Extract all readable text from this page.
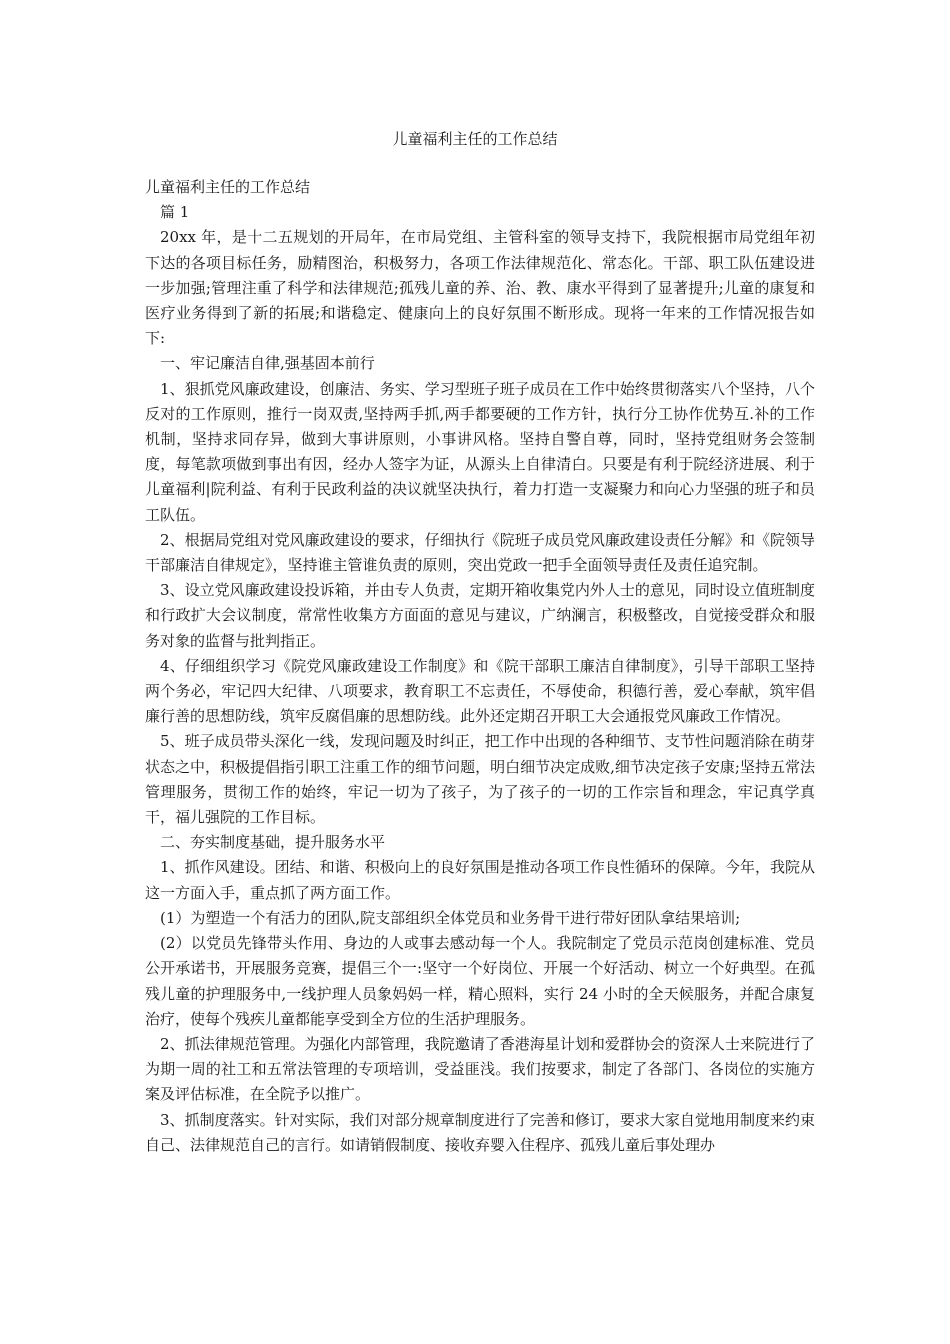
儿童福利主任的工作总结

儿童福利主任的工作总结

篇 1

20xx 年，是十二五规划的开局年，在市局党组、主管科室的领导支持下，我院根据市局党组年初下达的各项目标任务，励精图治，积极努力，各项工作法律规范化、常态化。干部、职工队伍建设进一步加强;管理注重了科学和法律规范;孤残儿童的养、治、教、康水平得到了显著提升;儿童的康复和医疗业务得到了新的拓展;和谐稳定、健康向上的良好氛围不断形成。现将一年来的工作情况报告如下:

一、牢记廉洁自律,强基固本前行

1、狠抓党风廉政建设，创廉洁、务实、学习型班子班子成员在工作中始终贯彻落实八个坚持，八个反对的工作原则，推行一岗双责,坚持两手抓,两手都要硬的工作方针，执行分工协作优势互.补的工作机制，坚持求同存异，做到大事讲原则，小事讲风格。坚持自警自尊，同时，坚持党组财务会签制度，每笔款项做到事出有因，经办人签字为证，从源头上自律清白。只要是有利于院经济进展、利于儿童福利|院利益、有利于民政利益的决议就坚决执行，着力打造一支凝聚力和向心力坚强的班子和员工队伍。

2、根据局党组对党风廉政建设的要求，仔细执行《院班子成员党风廉政建设责任分解》和《院领导干部廉洁自律规定》，坚持谁主管谁负责的原则，突出党政一把手全面领导责任及责任追究制。

3、设立党风廉政建设投诉箱，并由专人负责，定期开箱收集党内外人士的意见，同时设立值班制度和行政扩大会议制度，常常性收集方方面面的意见与建议，广纳澜言，积极整改，自觉接受群众和服务对象的监督与批判指正。

4、仔细组织学习《院党风廉政建设工作制度》和《院干部职工廉洁自律制度》，引导干部职工坚持两个务必，牢记四大纪律、八项要求，教育职工不忘责任，不辱使命，积德行善，爱心奉献，筑牢倡廉行善的思想防线，筑牢反腐倡廉的思想防线。此外还定期召开职工大会通报党风廉政工作情况。

5、班子成员带头深化一线，发现问题及时纠正，把工作中出现的各种细节、支节性问题消除在萌芽状态之中，积极提倡指引职工注重工作的细节问题，明白细节决定成败,细节决定孩子安康;坚持五常法管理服务，贯彻工作的始终，牢记一切为了孩子，为了孩子的一切的工作宗旨和理念，牢记真学真干，福儿强院的工作目标。

二、夯实制度基础，提升服务水平

1、抓作风建设。团结、和谐、积极向上的良好氛围是推动各项工作良性循环的保障。今年，我院从这一方面入手，重点抓了两方面工作。

(1）为塑造一个有活力的团队,院支部组织全体党员和业务骨干进行带好团队拿结果培训;

(2）以党员先锋带头作用、身边的人或事去感动每一个人。我院制定了党员示范岗创建标准、党员公开承诺书，开展服务竞赛，提倡三个一:坚守一个好岗位、开展一个好活动、树立一个好典型。在孤残儿童的护理服务中,一线护理人员象妈妈一样，精心照料，实行 24 小时的全天候服务，并配合康复治疗，使每个残疾儿童都能享受到全方位的生活护理服务。

2、抓法律规范管理。为强化内部管理，我院邀请了香港海星计划和爱群协会的资深人士来院进行了为期一周的社工和五常法管理的专项培训，受益匪浅。我们按要求，制定了各部门、各岗位的实施方案及评估标准，在全院予以推广。

3、抓制度落实。针对实际，我们对部分规章制度进行了完善和修订，要求大家自觉地用制度来约束自己、法律规范自己的言行。如请销假制度、接收弃婴入住程序、孤残儿童后事处理办
